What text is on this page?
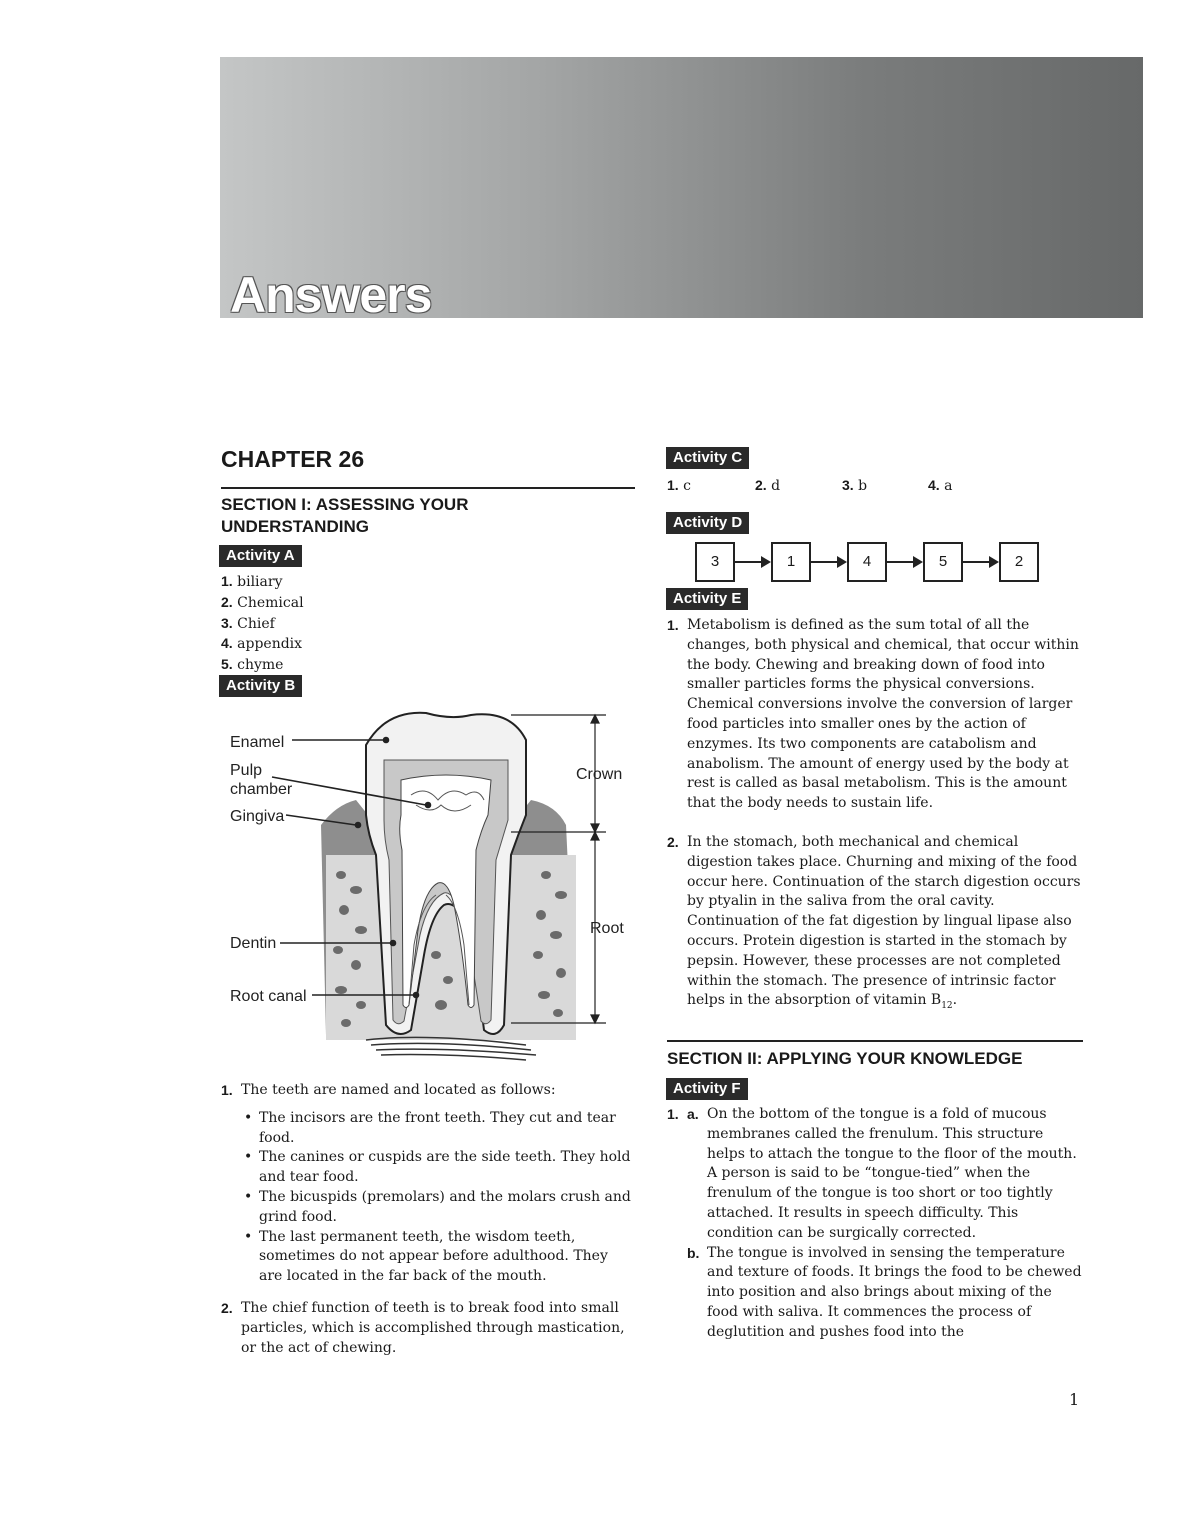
Answers
CHAPTER 26
SECTION I: ASSESSING YOUR
UNDERSTANDING
Activity A
1. biliary
2. Chemical
3. Chief
4. appendix
5. chyme
Activity B
Enamel
Pulp
chamber
Gingiva
Dentin
Root canal
Crown
Root
1. The teeth are named and located as follows:
• The incisors are the front teeth. They cut and tear food.
• The canines or cuspids are the side teeth. They hold and tear food.
• The bicuspids (premolars) and the molars crush and grind food.
• The last permanent teeth, the wisdom teeth, sometimes do not appear before adulthood. They are located in the far back of the mouth.
2. The chief function of teeth is to break food into small particles, which is accomplished through mastication, or the act of chewing.
Activity C
1. c	2. d	3. b	4. a
Activity D
3	1	4	5	2
Activity E
1. Metabolism is defined as the sum total of all the changes, both physical and chemical, that occur within the body. Chewing and breaking down of food into smaller particles forms the physical conversions. Chemical conversions involve the conversion of larger food particles into smaller ones by the action of enzymes. Its two components are catabolism and anabolism. The amount of energy used by the body at rest is called as basal metabolism. This is the amount that the body needs to sustain life.
2. In the stomach, both mechanical and chemical digestion takes place. Churning and mixing of the food occur here. Continuation of the starch digestion occurs by ptyalin in the saliva from the oral cavity. Continuation of the fat digestion by lingual lipase also occurs. Protein digestion is started in the stomach by pepsin. However, these processes are not completed within the stomach. The presence of intrinsic factor helps in the absorption of vitamin $B_{12}$.
SECTION II: APPLYING YOUR KNOWLEDGE
Activity F
1. a. On the bottom of the tongue is a fold of mucous membranes called the frenulum. This structure helps to attach the tongue to the floor of the mouth. A person is said to be “tongue-tied” when the frenulum of the tongue is too short or too tightly attached. It results in speech difficulty. This condition can be surgically corrected.
b. The tongue is involved in sensing the temperature and texture of foods. It brings the food to be chewed into position and also brings about mixing of the food with saliva. It commences the process of deglutition and pushes food into the
1
